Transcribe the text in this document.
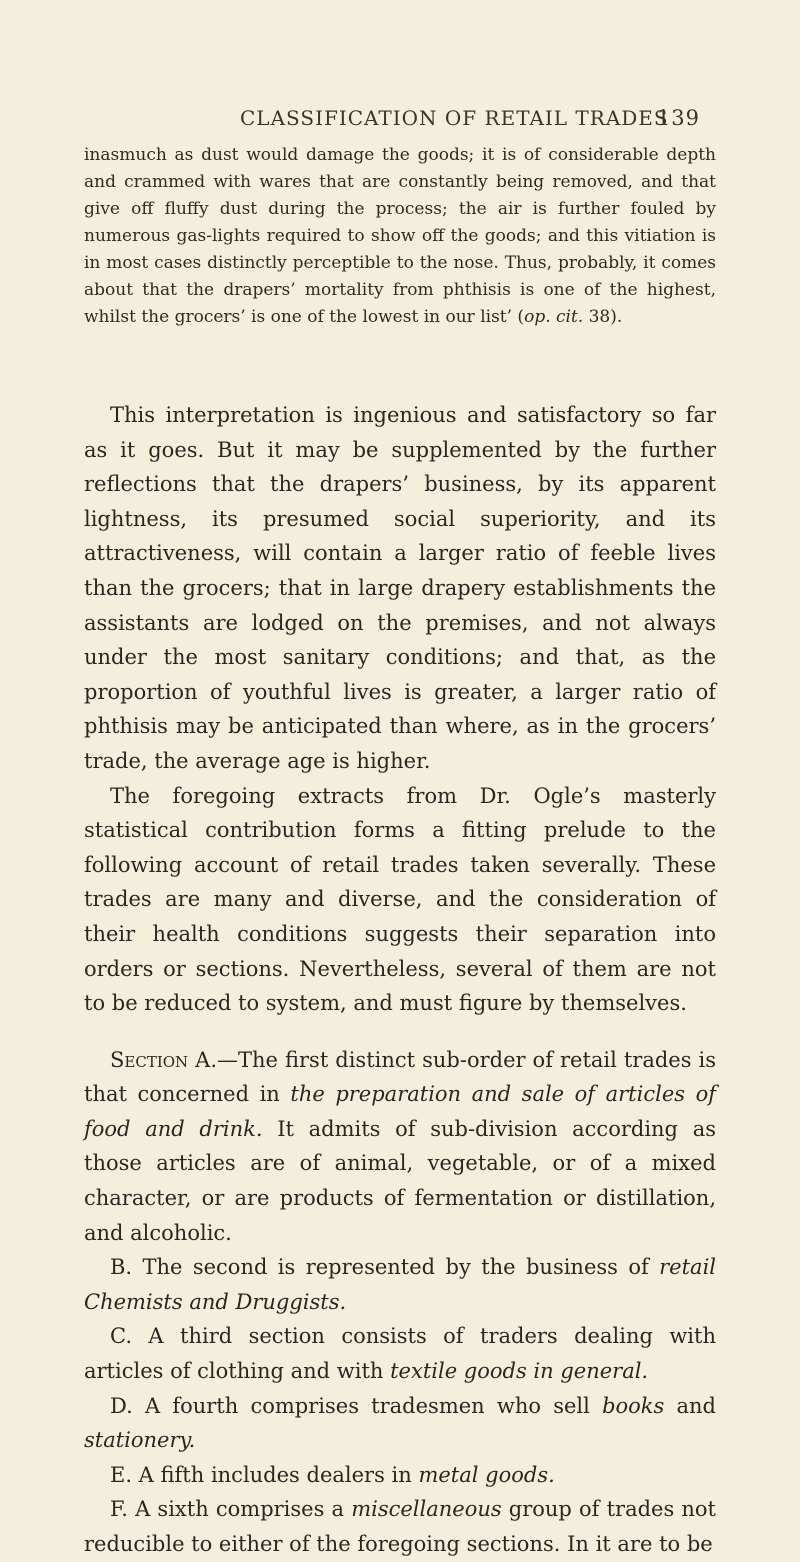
CLASSIFICATION OF RETAIL TRADES
139

inasmuch as dust would damage the goods; it is of considerable depth and crammed with wares that are constantly being removed, and that give off fluffy dust during the process; the air is further fouled by numerous gas-lights required to show off the goods; and this vitiation is in most cases distinctly perceptible to the nose. Thus, probably, it comes about that the drapers’ mortality from phthisis is one of the highest, whilst the grocers’ is one of the lowest in our list’ (op. cit. 38).

This interpretation is ingenious and satisfactory so far as it goes. But it may be supplemented by the further reflections that the drapers’ business, by its apparent lightness, its presumed social superiority, and its attractiveness, will contain a larger ratio of feeble lives than the grocers; that in large drapery establishments the assistants are lodged on the premises, and not always under the most sanitary conditions; and that, as the proportion of youthful lives is greater, a larger ratio of phthisis may be anticipated than where, as in the grocers’ trade, the average age is higher.

The foregoing extracts from Dr. Ogle’s masterly statistical contribution forms a fitting prelude to the following account of retail trades taken severally. These trades are many and diverse, and the consideration of their health conditions suggests their separation into orders or sections. Nevertheless, several of them are not to be reduced to system, and must figure by themselves.

Section A.—The first distinct sub-order of retail trades is that concerned in the preparation and sale of articles of food and drink. It admits of sub-division according as those articles are of animal, vegetable, or of a mixed character, or are products of fermentation or distillation, and alcoholic.

B. The second is represented by the business of retail Chemists and Druggists.

C. A third section consists of traders dealing with articles of clothing and with textile goods in general.

D. A fourth comprises tradesmen who sell books and stationery.

E. A fifth includes dealers in metal goods.

F. A sixth comprises a miscellaneous group of trades not reducible to either of the foregoing sections. In it are to be
